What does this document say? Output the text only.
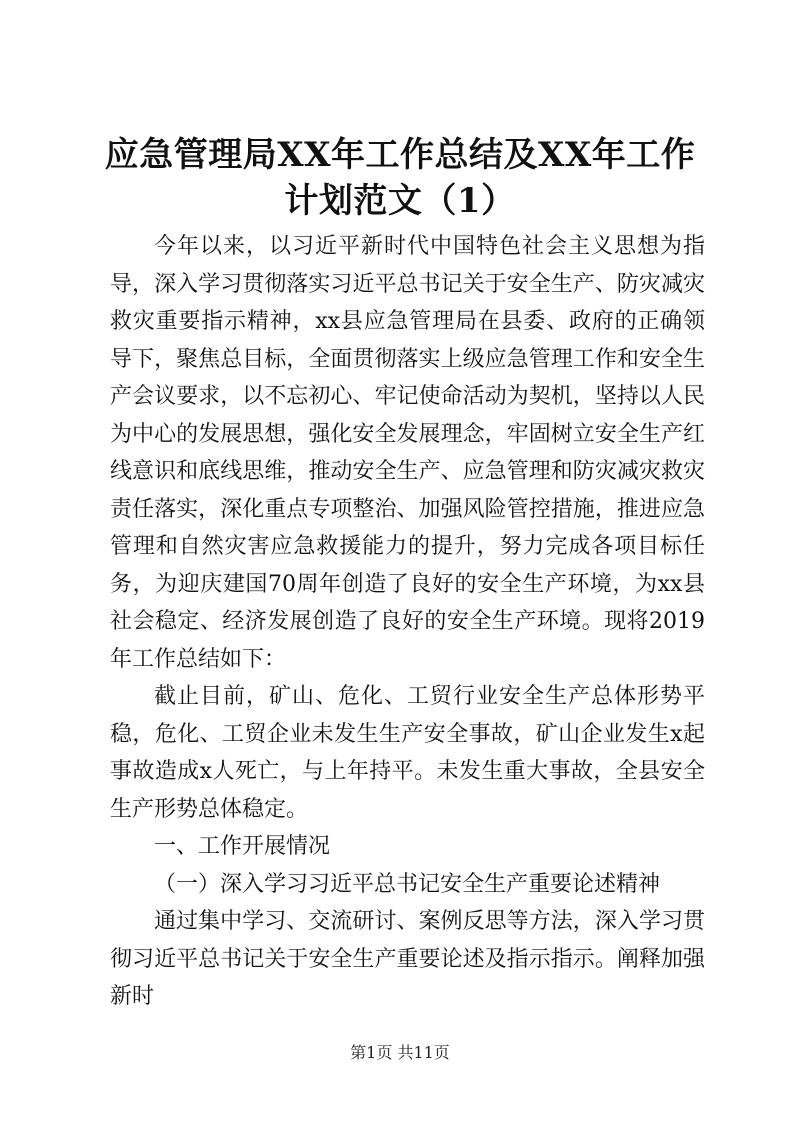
应急管理局XX年工作总结及XX年工作计划范文（1）

今年以来，以习近平新时代中国特色社会主义思想为指导，深入学习贯彻落实习近平总书记关于安全生产、防灾减灾救灾重要指示精神，xx县应急管理局在县委、政府的正确领导下，聚焦总目标，全面贯彻落实上级应急管理工作和安全生产会议要求，以不忘初心、牢记使命活动为契机，坚持以人民为中心的发展思想，强化安全发展理念，牢固树立安全生产红线意识和底线思维，推动安全生产、应急管理和防灾减灾救灾责任落实，深化重点专项整治、加强风险管控措施，推进应急管理和自然灾害应急救援能力的提升，努力完成各项目标任务，为迎庆建国70周年创造了良好的安全生产环境，为xx县社会稳定、经济发展创造了良好的安全生产环境。现将2019年工作总结如下：

截止目前，矿山、危化、工贸行业安全生产总体形势平稳，危化、工贸企业未发生生产安全事故，矿山企业发生x起事故造成x人死亡，与上年持平。未发生重大事故，全县安全生产形势总体稳定。

一、工作开展情况

（一）深入学习习近平总书记安全生产重要论述精神

通过集中学习、交流研讨、案例反思等方法，深入学习贯彻习近平总书记关于安全生产重要论述及指示指示。阐释加强新时

第1页 共11页
